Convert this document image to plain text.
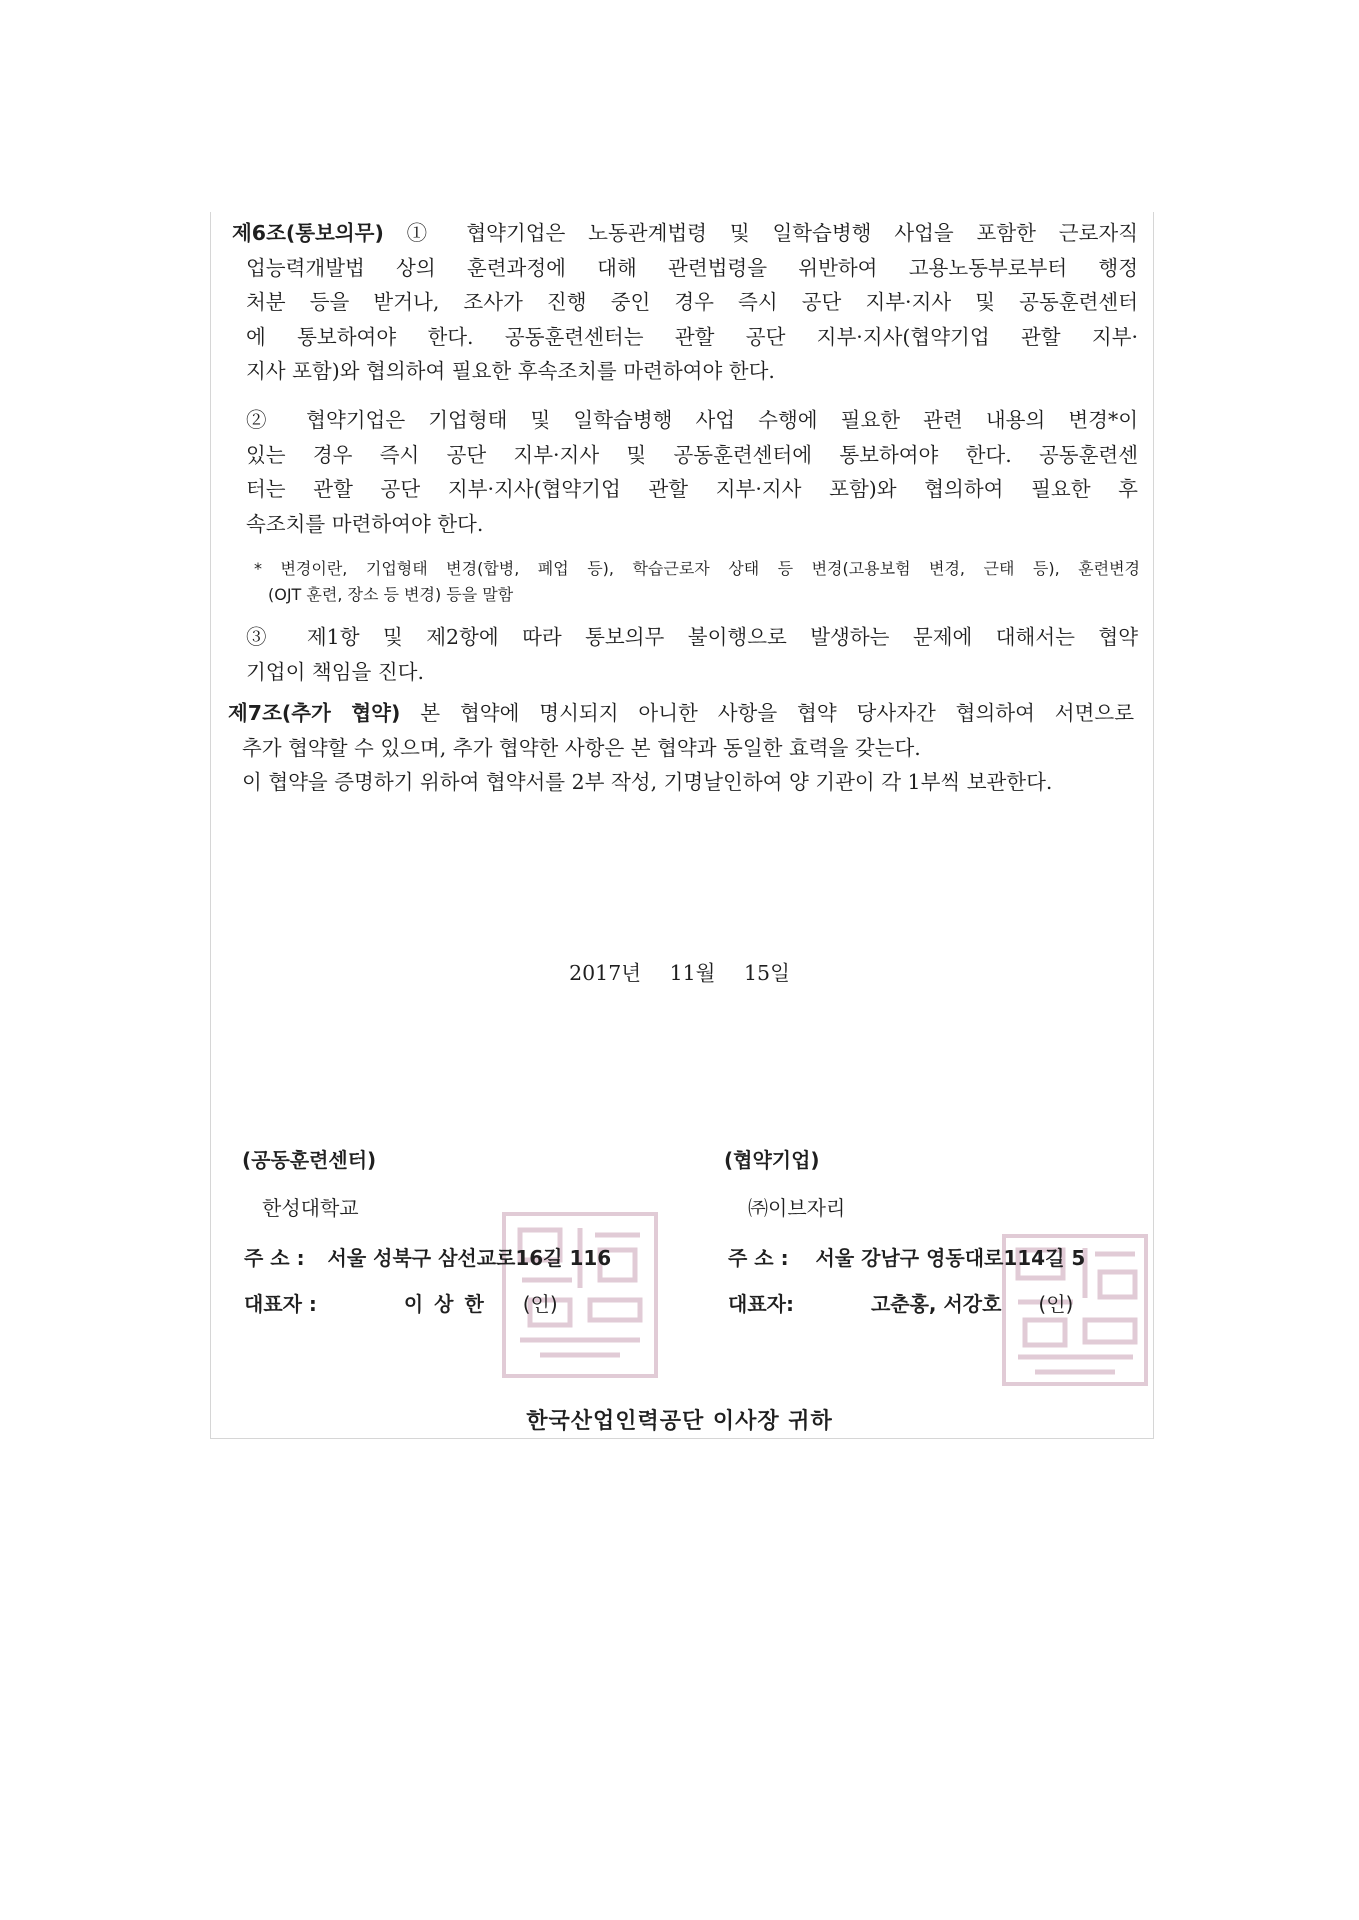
제6조(통보의무) ① 협약기업은 노동관계법령 및 일학습병행 사업을 포함한 근로자직
업능력개발법 상의 훈련과정에 대해 관련법령을 위반하여 고용노동부로부터 행정
처분 등을 받거나, 조사가 진행 중인 경우 즉시 공단 지부·지사 및 공동훈련센터
에 통보하여야 한다. 공동훈련센터는 관할 공단 지부·지사(협약기업 관할 지부·
지사 포함)와 협의하여 필요한 후속조치를 마련하여야 한다.
② 협약기업은 기업형태 및 일학습병행 사업 수행에 필요한 관련 내용의 변경*이
있는 경우 즉시 공단 지부·지사 및 공동훈련센터에 통보하여야 한다. 공동훈련센
터는 관할 공단 지부·지사(협약기업 관할 지부·지사 포함)와 협의하여 필요한 후
속조치를 마련하여야 한다.
* 변경이란, 기업형태 변경(합병, 폐업 등), 학습근로자 상태 등 변경(고용보험 변경, 근태 등), 훈련변경
(OJT 훈련, 장소 등 변경) 등을 말함
③ 제1항 및 제2항에 따라 통보의무 불이행으로 발생하는 문제에 대해서는 협약
기업이 책임을 진다.
제7조(추가 협약) 본 협약에 명시되지 아니한 사항을 협약 당사자간 협의하여 서면으로
추가 협약할 수 있으며, 추가 협약한 사항은 본 협약과 동일한 효력을 갖는다.
이 협약을 증명하기 위하여 협약서를 2부 작성, 기명날인하여 양 기관이 각 1부씩 보관한다.
2017년 11월 15일
(공동훈련센터)
한성대학교
주 소 : 서울 성북구 삼선교로16길 116
대표자 :	이 상 한 (인)
(협약기업)
㈜이브자리
주 소 : 서울 강남구 영동대로114길 5
대표자:	고춘홍, 서강호 (인)
한국산업인력공단 이사장 귀하
